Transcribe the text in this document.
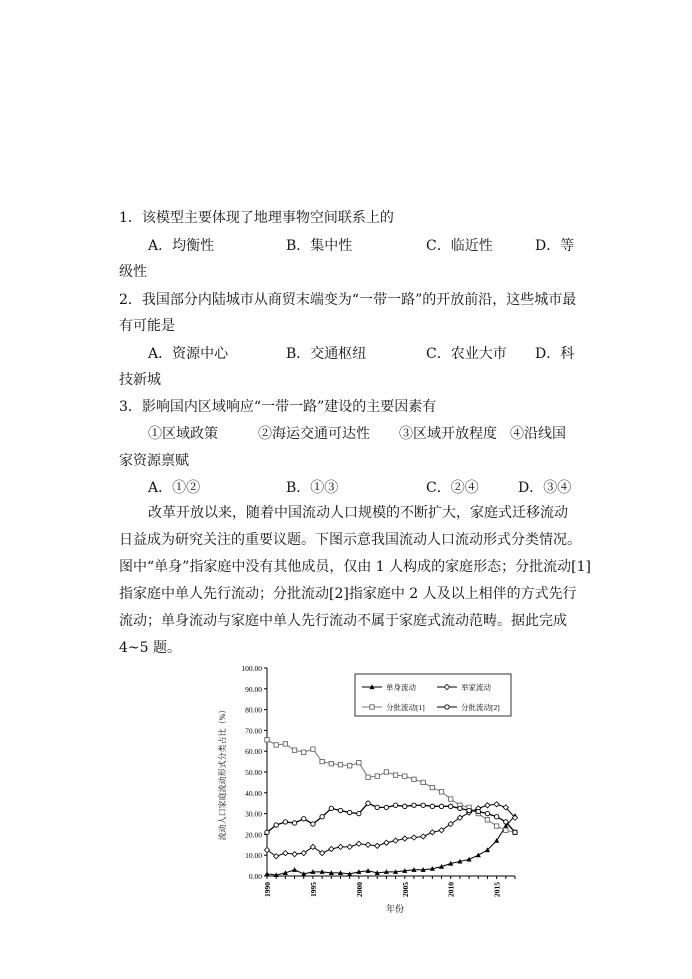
1．该模型主要体现了地理事物空间联系上的
A．均衡性	B．集中性	C．临近性	D．等
级性
2．我国部分内陆城市从商贸末端变为“一带一路”的开放前沿，这些城市最
有可能是
A．资源中心	B．交通枢纽	C．农业大市 D．科
技新城
3．影响国内区域响应“一带一路”建设的主要因素有
①区域政策	②海运交通可达性 ③区域开放程度 ④沿线国
家资源禀赋
A．①②	B．①③	C．②④	D．③④
改革开放以来，随着中国流动人口规模的不断扩大，家庭式迁移流动
日益成为研究关注的重要议题。下图示意我国流动人口流动形式分类情况。
图中“单身”指家庭中没有其他成员，仅由 1 人构成的家庭形态；分批流动[1]
指家庭中单人先行流动；分批流动[2]指家庭中 2 人及以上相伴的方式先行
流动；单身流动与家庭中单人先行流动不属于家庭式流动范畴。据此完成
4~5 题。
0.00
10.00
20.00
30.00
40.00
50.00
60.00
70.00
80.00
90.00
100.00
1990	1995	2000	2005	2010	2015
单身流动	举家流动
分批流动[1]	分批流动[2]
流动人口家庭流动形式分类占比（%）
年份
